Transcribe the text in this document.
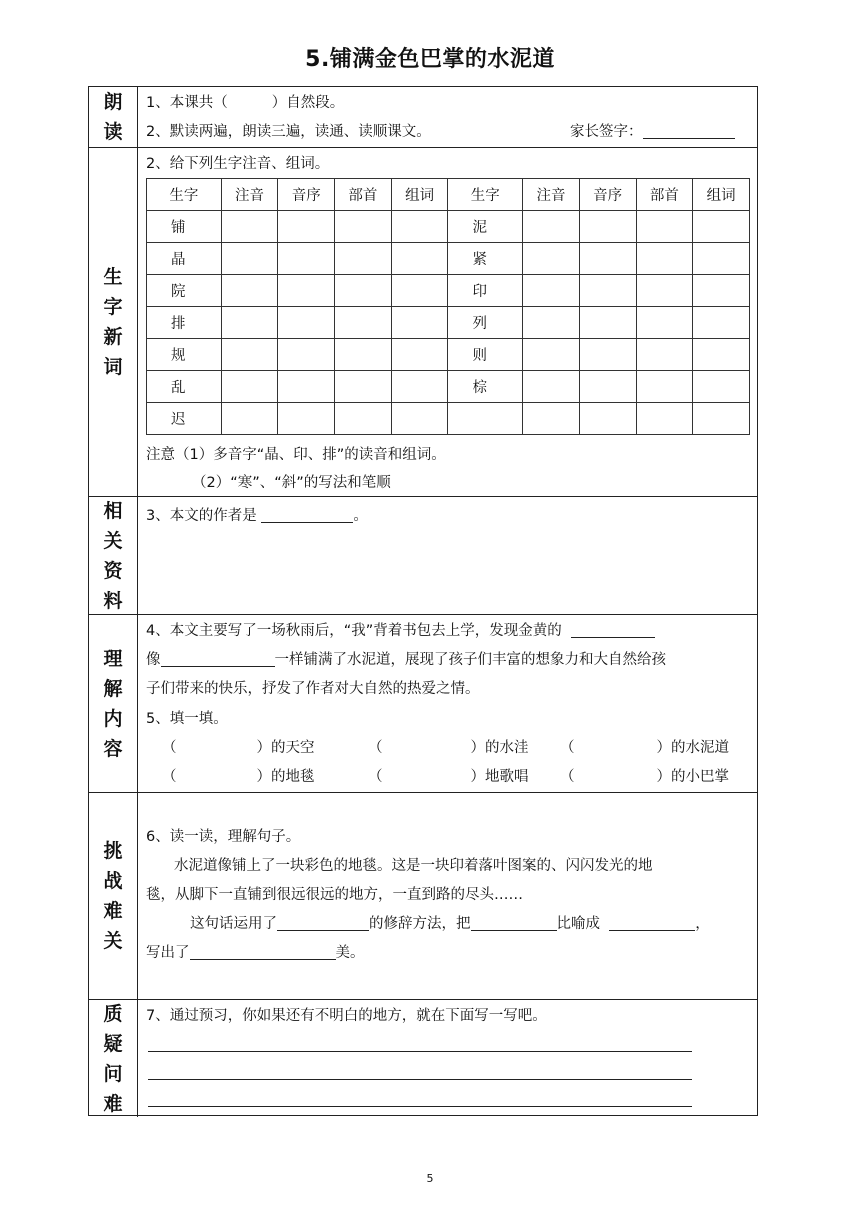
5.铺满金色巴掌的水泥道
朗
读
1、本课共（	）自然段。
2、默读两遍，朗读三遍，读通、读顺课文。	家长签字：
生
字
新
词
2、给下列生字注音、组词。
生字	注音	音序	部首	组词	生字	注音	音序	部首	组词
铺					泥				
晶					紧				
院					印				
排					列				
规					则				
乱					棕				
迟									
注意（1）多音字“晶、印、排”的读音和组词。
（2）“寒”、“斜”的写法和笔顺
相
关
资
料
3、本文的作者是	。
理
解
内
容
4、本文主要写了一场秋雨后，“我”背着书包去上学，发现金黄的
像	一样铺满了水泥道，展现了孩子们丰富的想象力和大自然给孩
子们带来的快乐，抒发了作者对大自然的热爱之情。
5、填一填。
（	）的天空	（	）的水洼 （	）的水泥道
（	）的地毯	（	）地歌唱 （	）的小巴掌
挑
战
难
关
6、读一读，理解句子。
水泥道像铺上了一块彩色的地毯。这是一块印着落叶图案的、闪闪发光的地
毯，从脚下一直铺到很远很远的地方，一直到路的尽头……
这句话运用了	的修辞方法，把	比喻成	，
写出了	美。
质
疑
问
难
7、通过预习，你如果还有不明白的地方，就在下面写一写吧。
5
